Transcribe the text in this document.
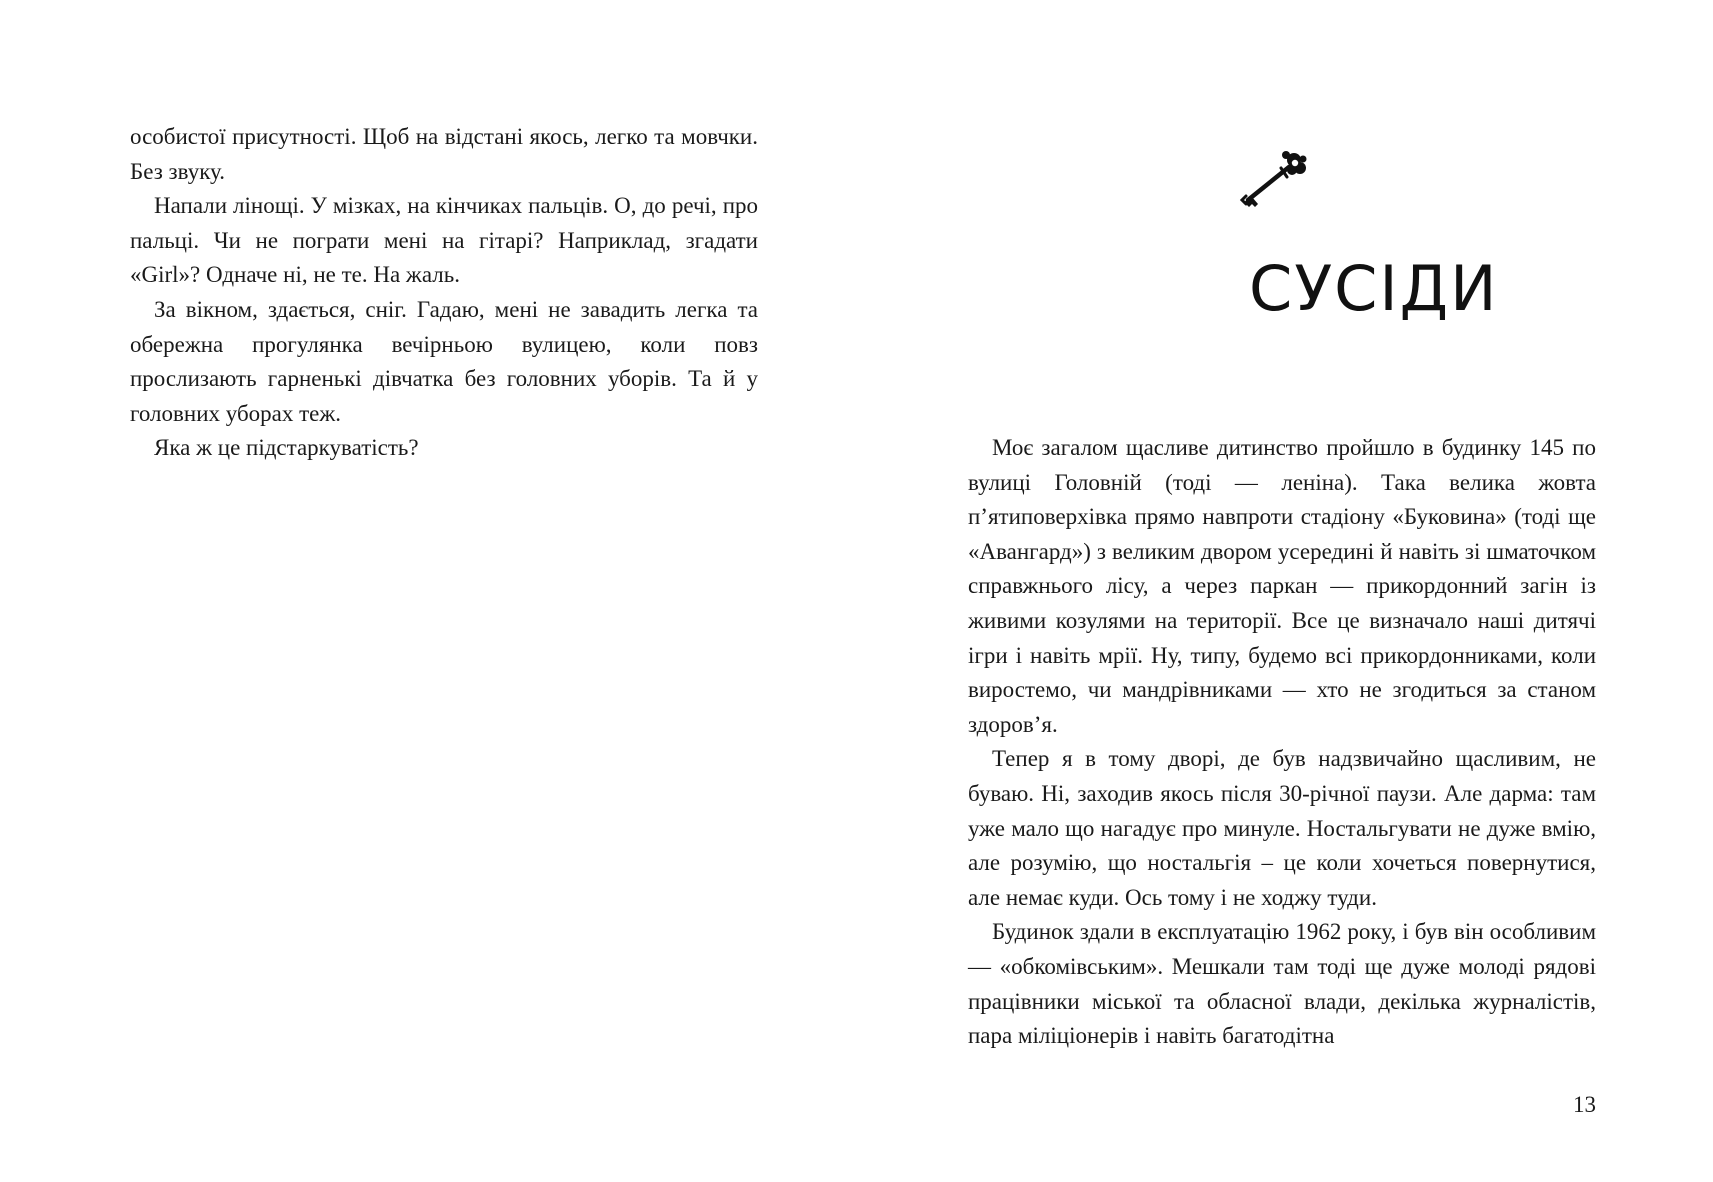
особистої присутності. Щоб на відстані якось, легко та мовчки. Без звуку.

Напали лінощі. У мізках, на кінчиках пальців. О, до речі, про пальці. Чи не пограти мені на гітарі? Наприклад, згадати «Girl»? Одначе ні, не те. На жаль.

За вікном, здається, сніг. Гадаю, мені не завадить легка та обережна прогулянка вечірньою вулицею, коли повз прослизають гарненькі дівчатка без головних уборів. Та й у головних уборах теж.

Яка ж це підстаркуватість?

СУСІДИ

Моє загалом щасливе дитинство пройшло в будинку 145 по вулиці Головній (тоді — леніна). Така велика жовта п’ятиповерхівка прямо навпроти стадіону «Буковина» (тоді ще «Авангард») з великим двором усередині й навіть зі шматочком справжнього лісу, а через паркан — прикордонний загін із живими козулями на території. Все це визначало наші дитячі ігри і навіть мрії. Ну, типу, будемо всі прикордонниками, коли виростемо, чи мандрівниками — хто не згодиться за станом здоров’я.

Тепер я в тому дворі, де був надзвичайно щасливим, не буваю. Ні, заходив якось після 30-річної паузи. Але дарма: там уже мало що нагадує про минуле. Ностальгувати не дуже вмію, але розумію, що ностальгія – це коли хочеться повернутися, але немає куди. Ось тому і не ходжу туди.

Будинок здали в експлуатацію 1962 року, і був він особливим — «обкомівським». Мешкали там тоді ще дуже молоді рядові працівники міської та обласної влади, декілька журналістів, пара міліціонерів і навіть багатодітна

13
